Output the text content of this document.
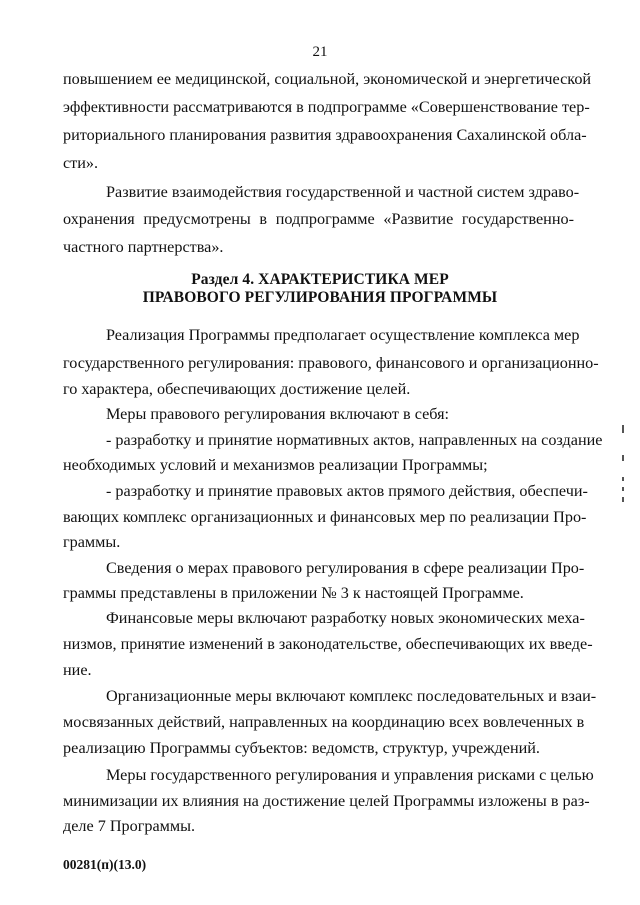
21
повышением ее медицинской, социальной, экономической и энергетической
эффективности рассматриваются в подпрограмме «Совершенствование тер-
риториального планирования развития здравоохранения Сахалинской обла-
сти».
Развитие взаимодействия государственной и частной систем здраво-
охранения предусмотрены в подпрограмме «Развитие государственно-
частного партнерства».
Раздел 4. ХАРАКТЕРИСТИКА МЕР
ПРАВОВОГО РЕГУЛИРОВАНИЯ ПРОГРАММЫ
Реализация Программы предполагает осуществление комплекса мер
государственного регулирования: правового, финансового и организационно-
го характера, обеспечивающих достижение целей.
Меры правового регулирования включают в себя:
- разработку и принятие нормативных актов, направленных на создание
необходимых условий и механизмов реализации Программы;
- разработку и принятие правовых актов прямого действия, обеспечи-
вающих комплекс организационных и финансовых мер по реализации Про-
граммы.
Сведения о мерах правового регулирования в сфере реализации Про-
граммы представлены в приложении № 3 к настоящей Программе.
Финансовые меры включают разработку новых экономических меха-
низмов, принятие изменений в законодательстве, обеспечивающих их введе-
ние.
Организационные меры включают комплекс последовательных и взаи-
мосвязанных действий, направленных на координацию всех вовлеченных в
реализацию Программы субъектов: ведомств, структур, учреждений.
Меры государственного регулирования и управления рисками с целью
минимизации их влияния на достижение целей Программы изложены в раз-
деле 7 Программы.
00281(п)(13.0)
